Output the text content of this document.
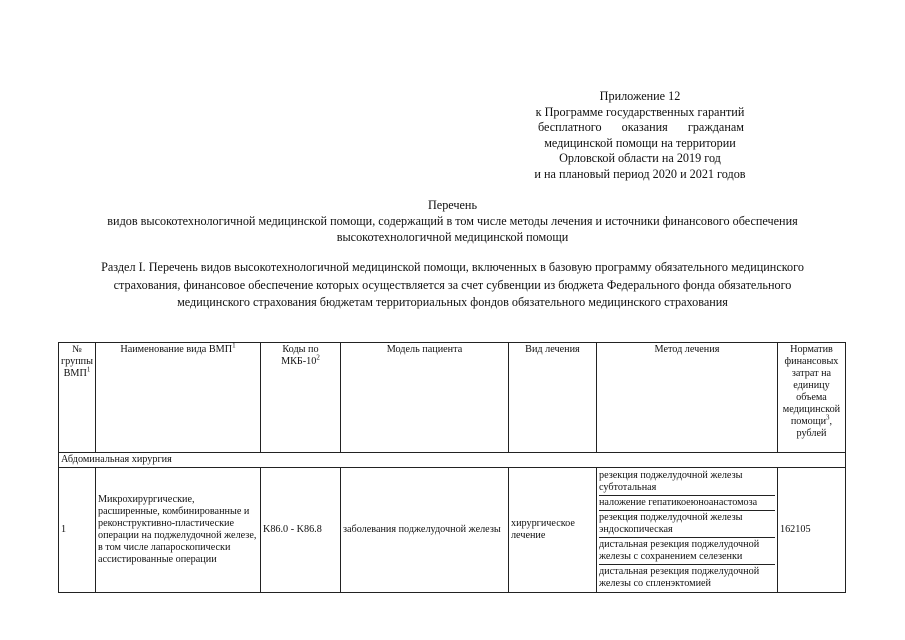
Приложение 12
к Программе государственных гарантий
бесплатного оказания гражданам
медицинской помощи на территории
Орловской области на 2019 год
и на плановый период 2020 и 2021 годов
Перечень
видов высокотехнологичной медицинской помощи, содержащий в том числе методы лечения и источники финансового обеспечения
высокотехнологичной медицинской помощи
Раздел I. Перечень видов высокотехнологичной медицинской помощи, включенных в базовую программу обязательного медицинского
страхования, финансовое обеспечение которых осуществляется за счет субвенции из бюджета Федерального фонда обязательного
медицинского страхования бюджетам территориальных фондов обязательного медицинского страхования
№ группы ВМП$^1$	Наименование вида ВМП$^1$	Коды по МКБ-$10^2$	Модель пациента	Вид лечения	Метод лечения	Норматив финансовых затрат на единицу объема медицинской помощи$^3$, рублей
Абдоминальная хирургия						
1	Микрохирургические, расширенные, комбинированные и реконструктивно-пластические операции на поджелудочной железе, в том числе лапароскопически ассистированные операции	K86.0 - K86.8	заболевания поджелудочной железы	хирургическое лечение	резекция поджелудочной железы субтотальная
наложение гепатикоеюноанастомоза
резекция поджелудочной железы эндоскопическая
дистальная резекция поджелудочной железы с сохранением селезенки
дистальная резекция поджелудочной железы со спленэктомией	162105
